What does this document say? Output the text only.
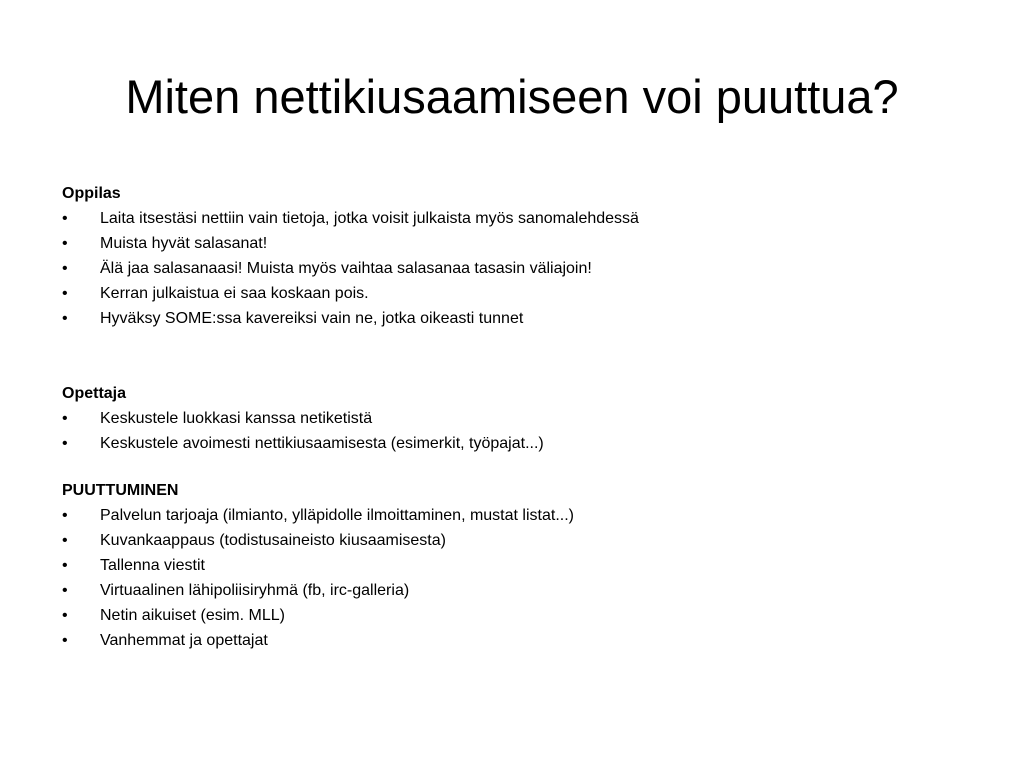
Miten nettikiusaamiseen voi puuttua?
Oppilas
• Laita itsestäsi nettiin vain tietoja, jotka voisit julkaista myös sanomalehdessä
• Muista hyvät salasanat!
• Älä jaa salasanaasi! Muista myös vaihtaa salasanaa tasasin väliajoin!
• Kerran julkaistua ei saa koskaan pois.
• Hyväksy SOME:ssa kavereiksi vain ne, jotka oikeasti tunnet
Opettaja
• Keskustele luokkasi kanssa netiketistä
• Keskustele avoimesti nettikiusaamisesta (esimerkit, työpajat...)
PUUTTUMINEN
• Palvelun tarjoaja (ilmianto, ylläpidolle ilmoittaminen, mustat listat...)
• Kuvankaappaus (todistusaineisto kiusaamisesta)
• Tallenna viestit
• Virtuaalinen lähipoliisiryhmä (fb, irc-galleria)
• Netin aikuiset (esim. MLL)
• Vanhemmat ja opettajat
